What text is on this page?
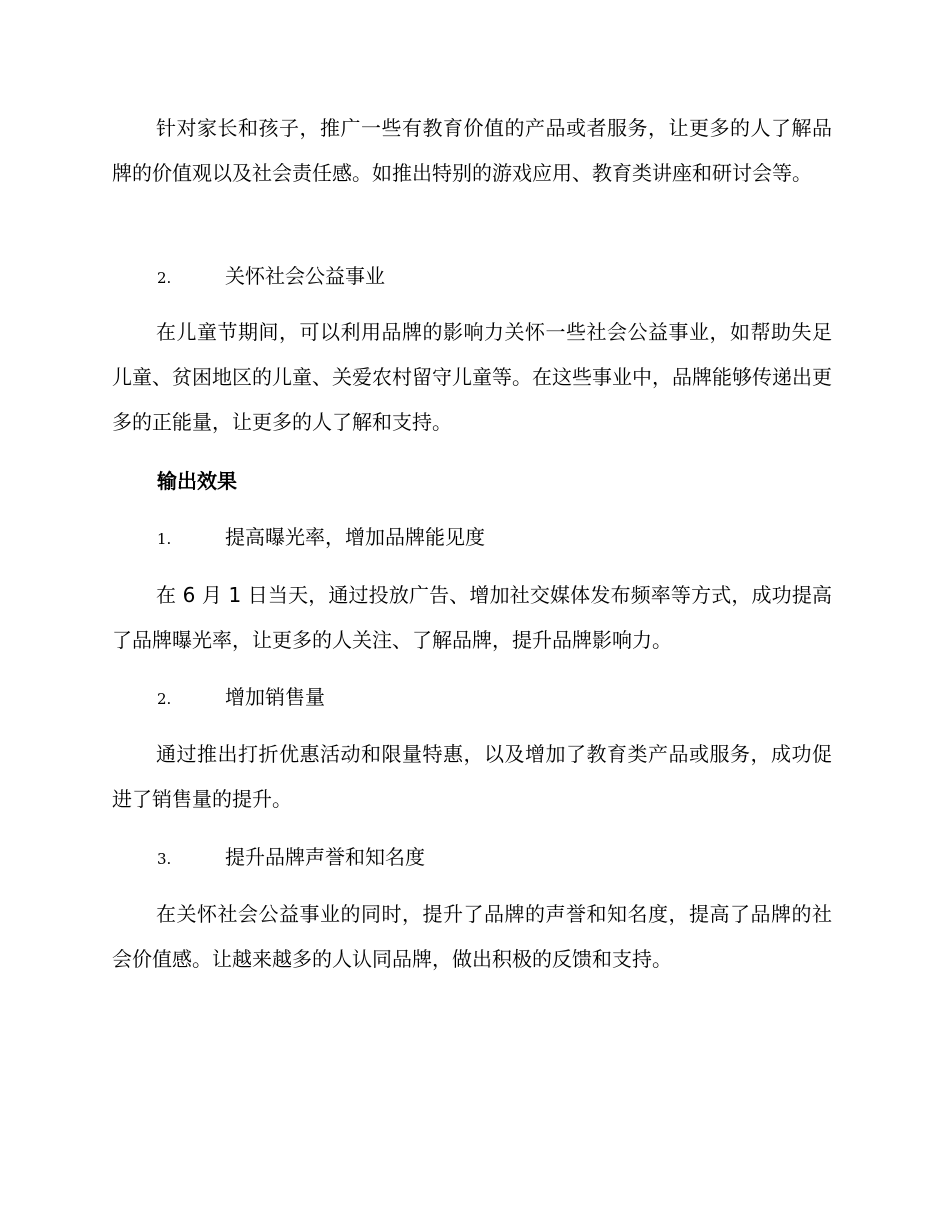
针对家长和孩子，推广一些有教育价值的产品或者服务，让更多的人了解品牌的价值观以及社会责任感。如推出特别的游戏应用、教育类讲座和研讨会等。

2.	关怀社会公益事业

在儿童节期间，可以利用品牌的影响力关怀一些社会公益事业，如帮助失足儿童、贫困地区的儿童、关爱农村留守儿童等。在这些事业中，品牌能够传递出更多的正能量，让更多的人了解和支持。

输出效果
1.	提高曝光率，增加品牌能见度

在 6 月 1 日当天，通过投放广告、增加社交媒体发布频率等方式，成功提高了品牌曝光率，让更多的人关注、了解品牌，提升品牌影响力。

2.	增加销售量

通过推出打折优惠活动和限量特惠，以及增加了教育类产品或服务，成功促进了销售量的提升。

3.	提升品牌声誉和知名度

在关怀社会公益事业的同时，提升了品牌的声誉和知名度，提高了品牌的社会价值感。让越来越多的人认同品牌，做出积极的反馈和支持。
